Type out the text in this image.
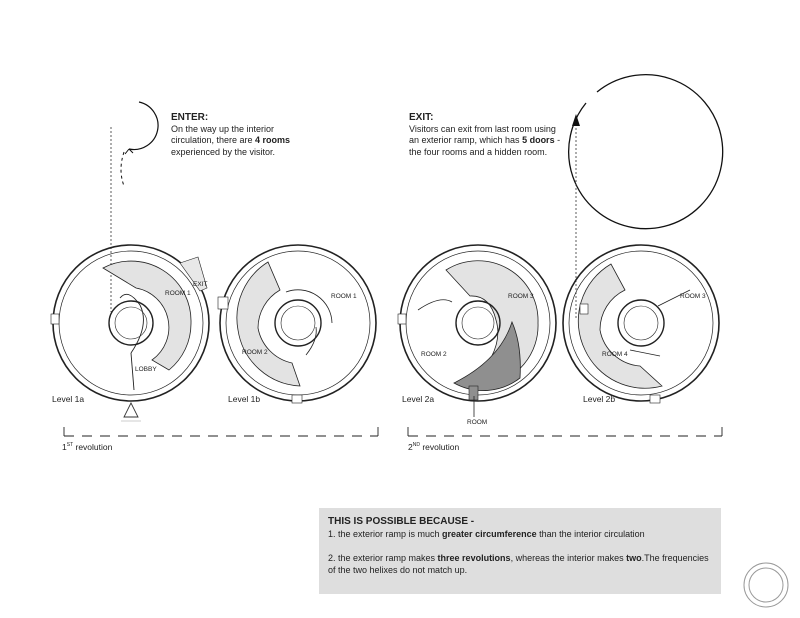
ENTER:
On the way up the interior
circulation, there are 4 rooms
experienced by the visitor.
EXIT:
Visitors can exit from last room using
an exterior ramp, which has 5 doors -
the four rooms and a hidden room.
ROOM 1
LOBBY
EXIT
Level 1a
ROOM 1
ROOM 2
Level 1b
ROOM 3
ROOM 2
ROOM
Level 2a
ROOM 3
ROOM 4
Level 2b
1ST revolution	2ND revolution
THIS IS POSSIBLE BECAUSE -
1. the exterior ramp is much greater circumference than the interior circulation
2. the exterior ramp makes three revolutions, whereas the interior makes two.The frequencies of the two helixes do not match up.
